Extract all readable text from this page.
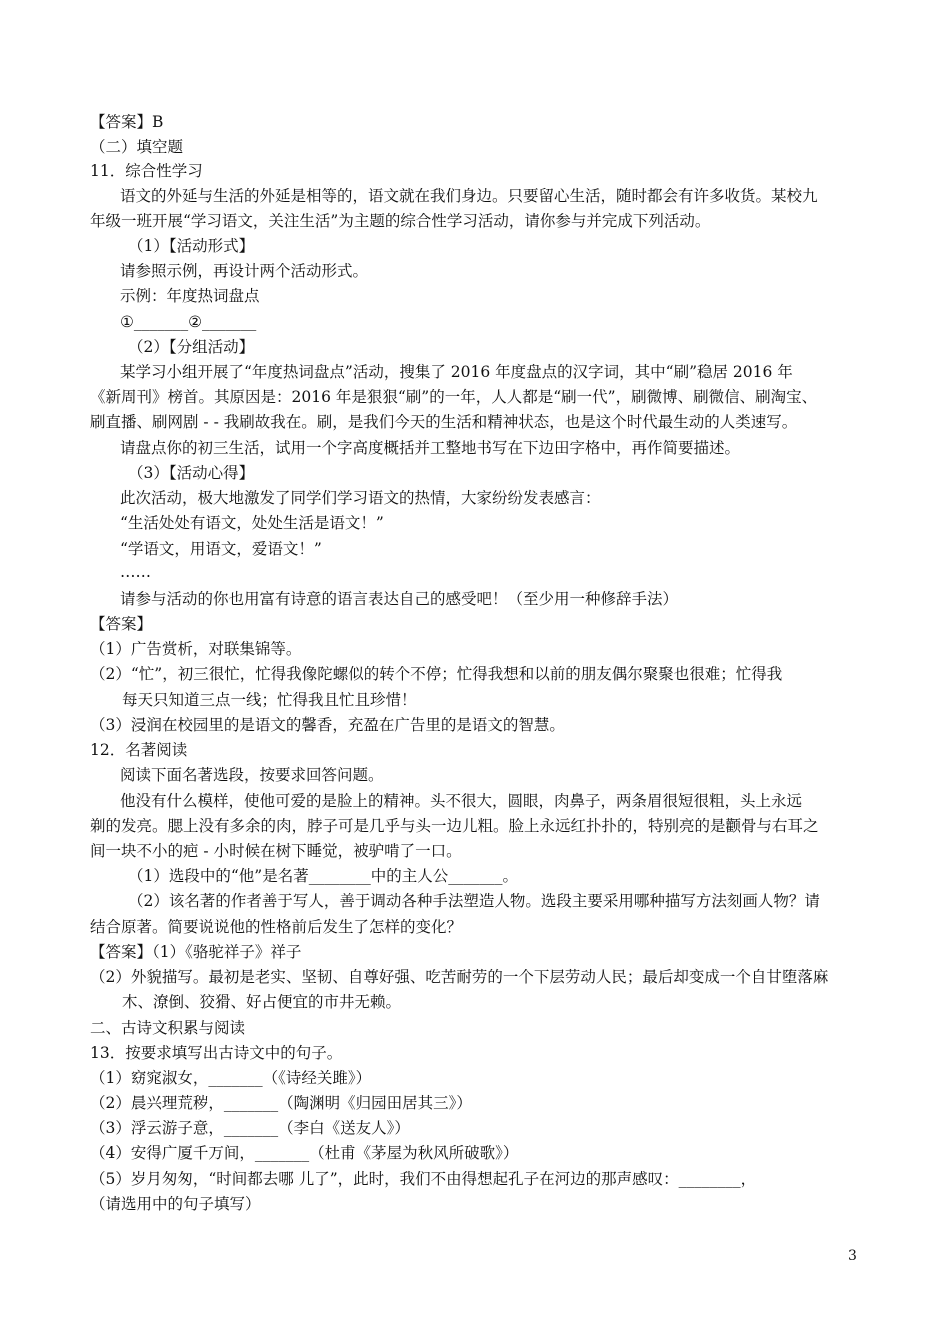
【答案】B
（二）填空题
11．综合性学习
语文的外延与生活的外延是相等的，语文就在我们身边。只要留心生活，随时都会有许多收货。某校九
年级一班开展“学习语文，关注生活”为主题的综合性学习活动，请你参与并完成下列活动。
（1）【活动形式】
请参照示例，再设计两个活动形式。
示例：年度热词盘点
①_______②_______
（2）【分组活动】
某学习小组开展了“年度热词盘点”活动，搜集了 2016 年度盘点的汉字词，其中“刷”稳居 2016 年
《新周刊》榜首。其原因是：2016 年是狠狠“刷”的一年，人人都是“刷一代”，刷微博、刷微信、刷淘宝、
刷直播、刷网剧 - - 我刷故我在。刷，是我们今天的生活和精神状态，也是这个时代最生动的人类速写。
请盘点你的初三生活，试用一个字高度概括并工整地书写在下边田字格中，再作简要描述。
（3）【活动心得】
此次活动，极大地激发了同学们学习语文的热情，大家纷纷发表感言：
“生活处处有语文，处处生活是语文！”
“学语文，用语文，爱语文！”
……
请参与活动的你也用富有诗意的语言表达自己的感受吧！（至少用一种修辞手法）
【答案】
（1）广告赏析，对联集锦等。
（2）“忙”，初三很忙，忙得我像陀螺似的转个不停；忙得我想和以前的朋友偶尔聚聚也很难；忙得我
每天只知道三点一线；忙得我且忙且珍惜！
（3）浸润在校园里的是语文的馨香，充盈在广告里的是语文的智慧。
12．名著阅读
阅读下面名著选段，按要求回答问题。
他没有什么模样，使他可爱的是脸上的精神。头不很大，圆眼，肉鼻子，两条眉很短很粗，头上永远
剃的发亮。腮上没有多余的肉，脖子可是几乎与头一边儿粗。脸上永远红扑扑的，特别亮的是颧骨与右耳之
间一块不小的疤 - 小时候在树下睡觉，被驴啃了一口。
（1）选段中的“他”是名著________中的主人公_______。
（2）该名著的作者善于写人，善于调动各种手法塑造人物。选段主要采用哪种描写方法刻画人物？请
结合原著。简要说说他的性格前后发生了怎样的变化？
【答案】（1）《骆驼祥子》祥子
（2）外貌描写。最初是老实、坚韧、自尊好强、吃苦耐劳的一个下层劳动人民；最后却变成一个自甘堕落麻
木、潦倒、狡猾、好占便宜的市井无赖。
二、古诗文积累与阅读
13．按要求填写出古诗文中的句子。
（1）窈窕淑女，_______（《诗经关雎》）
（2）晨兴理荒秽，_______（陶渊明《归园田居其三》）
（3）浮云游子意，_______（李白《送友人》）
（4）安得广厦千万间，_______（杜甫《茅屋为秋风所破歌》）
（5）岁月匆匆，“时间都去哪 儿了”，此时，我们不由得想起孔子在河边的那声感叹：________，
（请选用中的句子填写）
3
